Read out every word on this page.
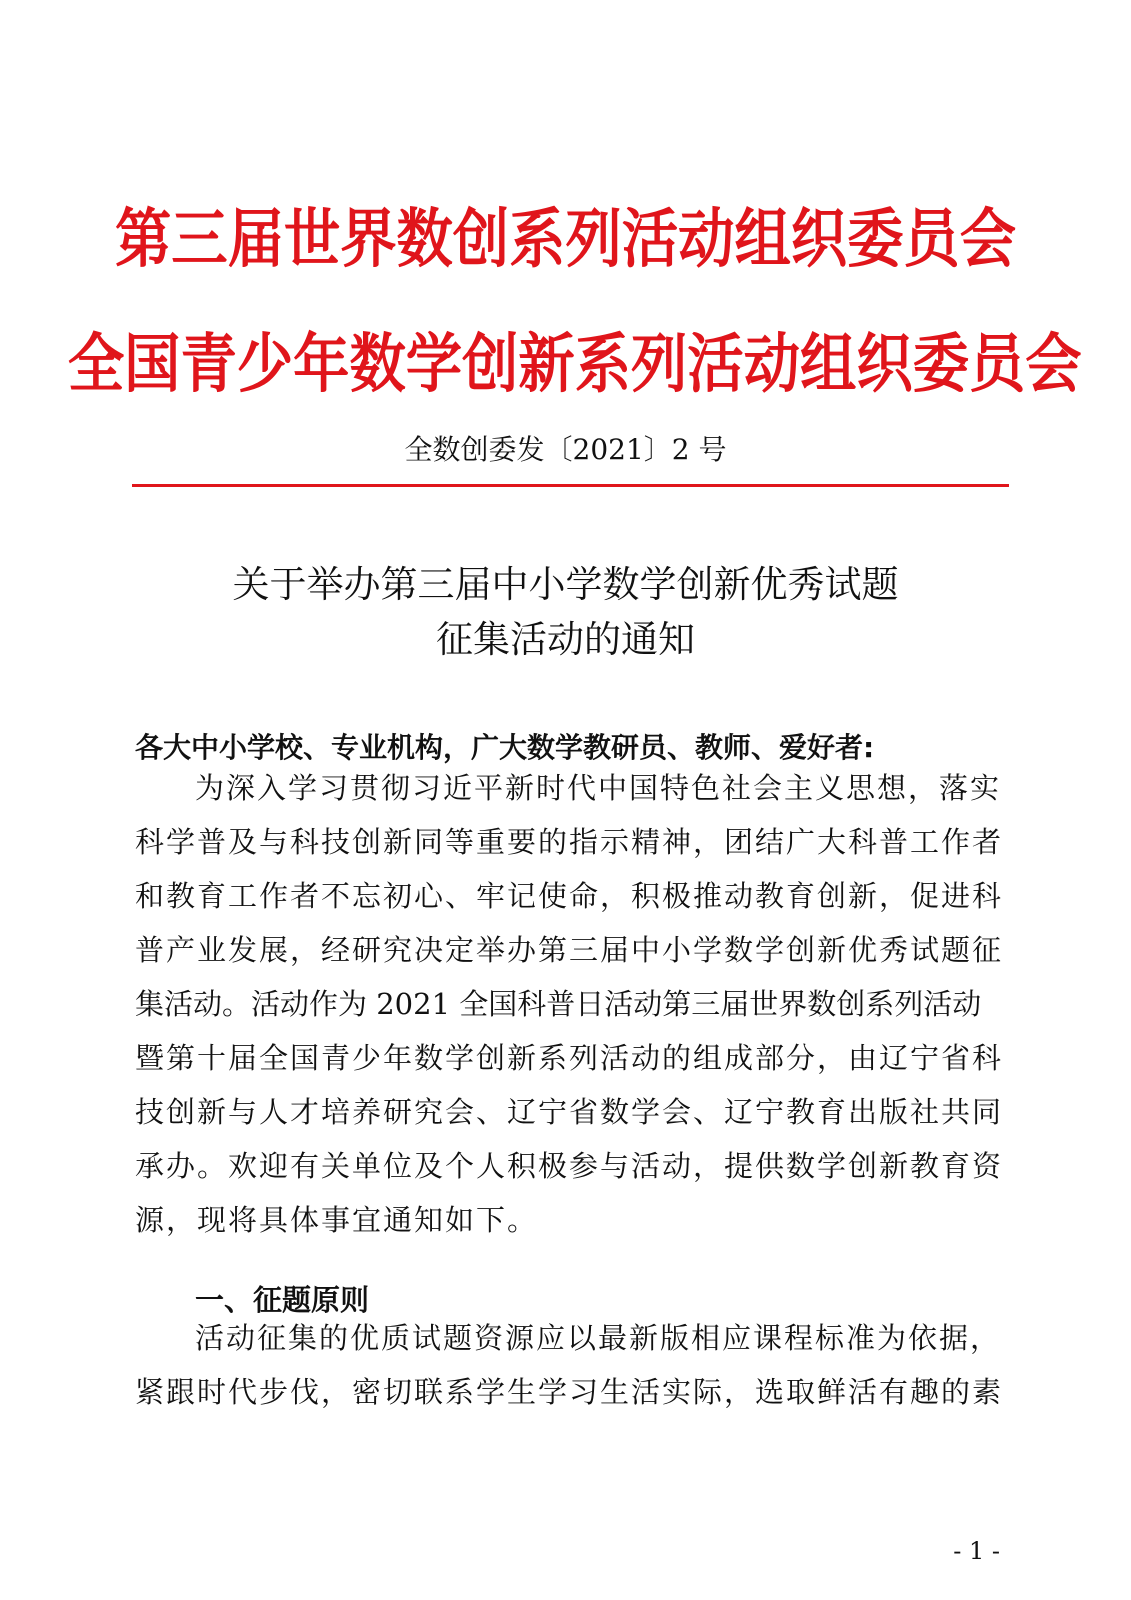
第三届世界数创系列活动组织委员会
全国青少年数学创新系列活动组织委员会
全数创委发〔2021〕2 号
关于举办第三届中小学数学创新优秀试题
征集活动的通知
各大中小学校、专业机构，广大数学教研员、教师、爱好者:
为深入学习贯彻习近平新时代中国特色社会主义思想，落实
科学普及与科技创新同等重要的指示精神，团结广大科普工作者
和教育工作者不忘初心、牢记使命，积极推动教育创新，促进科
普产业发展，经研究决定举办第三届中小学数学创新优秀试题征
集活动。活动作为 2021 全国科普日活动第三届世界数创系列活动
暨第十届全国青少年数学创新系列活动的组成部分，由辽宁省科
技创新与人才培养研究会、辽宁省数学会、辽宁教育出版社共同
承办。欢迎有关单位及个人积极参与活动，提供数学创新教育资
源，现将具体事宜通知如下。
一、征题原则
活动征集的优质试题资源应以最新版相应课程标准为依据，
紧跟时代步伐，密切联系学生学习生活实际，选取鲜活有趣的素
- 1 -
